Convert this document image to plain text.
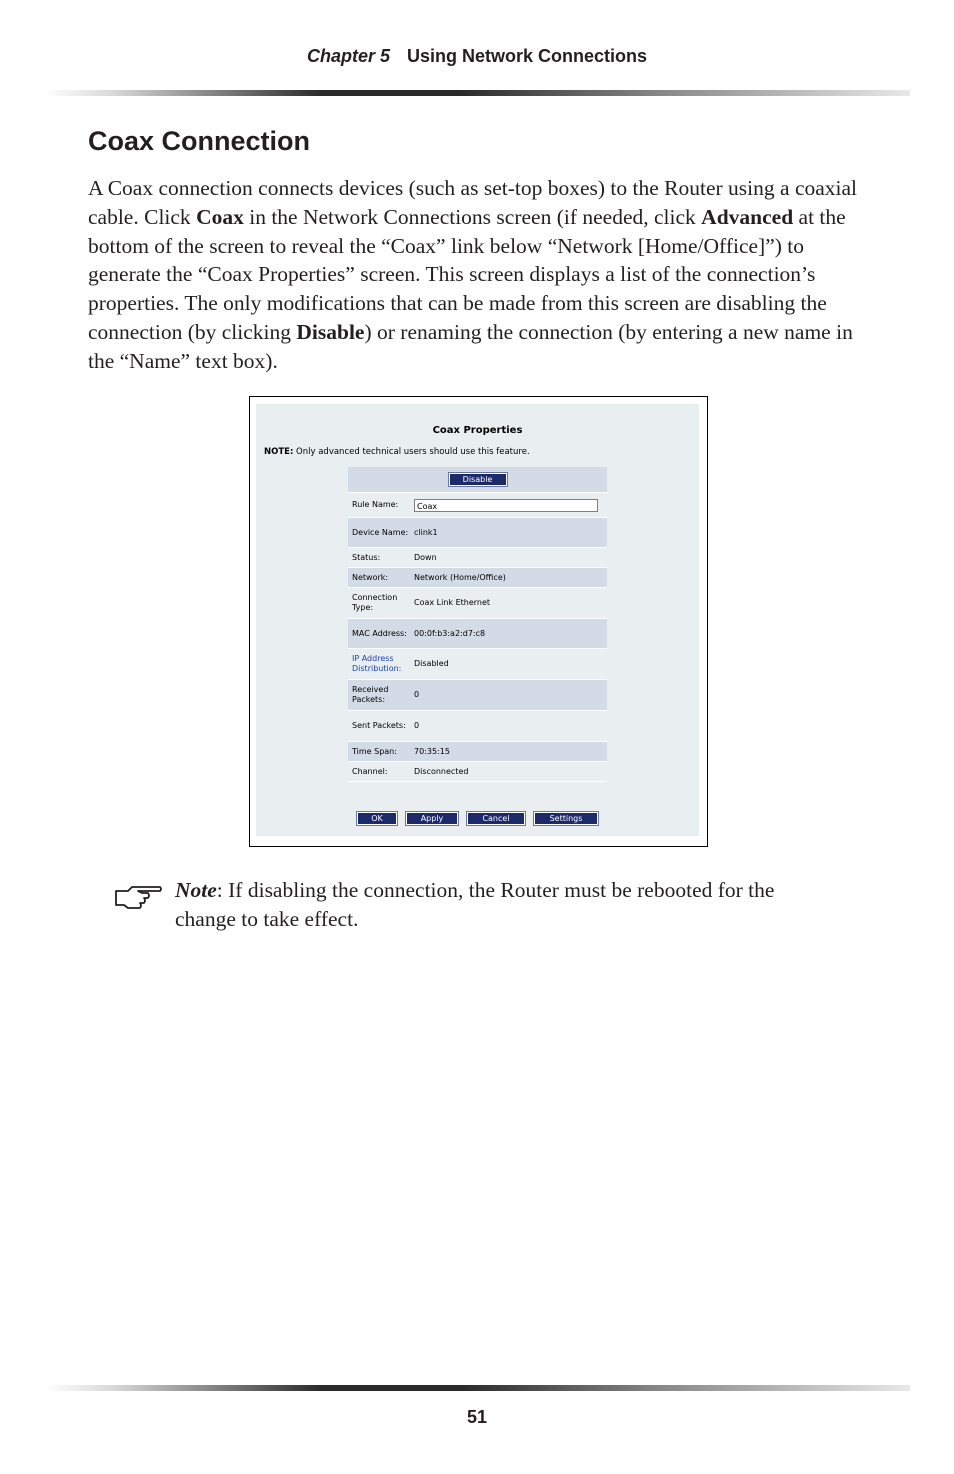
Chapter 5 Using Network Connections
Coax Connection

A Coax connection connects devices (such as set-top boxes) to the Router using a coaxial cable. Click Coax in the Network Connections screen (if needed, click Advanced at the bottom of the screen to reveal the “Coax” link below “Network [Home/Office]”) to generate the “Coax Properties” screen. This screen displays a list of the connection’s properties. The only modifications that can be made from this screen are disabling the connection (by clicking Disable) or renaming the connection (by entering a new name in the “Name” text box).

Coax Properties
NOTE: Only advanced technical users should use this feature.
Disable
Rule Name:	Coax
Device Name: clink1
Status:	Down
Network:	Network (Home/Office)
Connection Type:
Coax Link Ethernet
MAC Address: 00:0f:b3:a2:d7:c8
IP Address Distribution:
Disabled
Received Packets:
0
Sent Packets:	0
Time Span:	70:35:15
Channel:	Disconnected
OK	Apply	Cancel	Settings

Note: If disabling the connection, the Router must be rebooted for the change to take effect.

51
